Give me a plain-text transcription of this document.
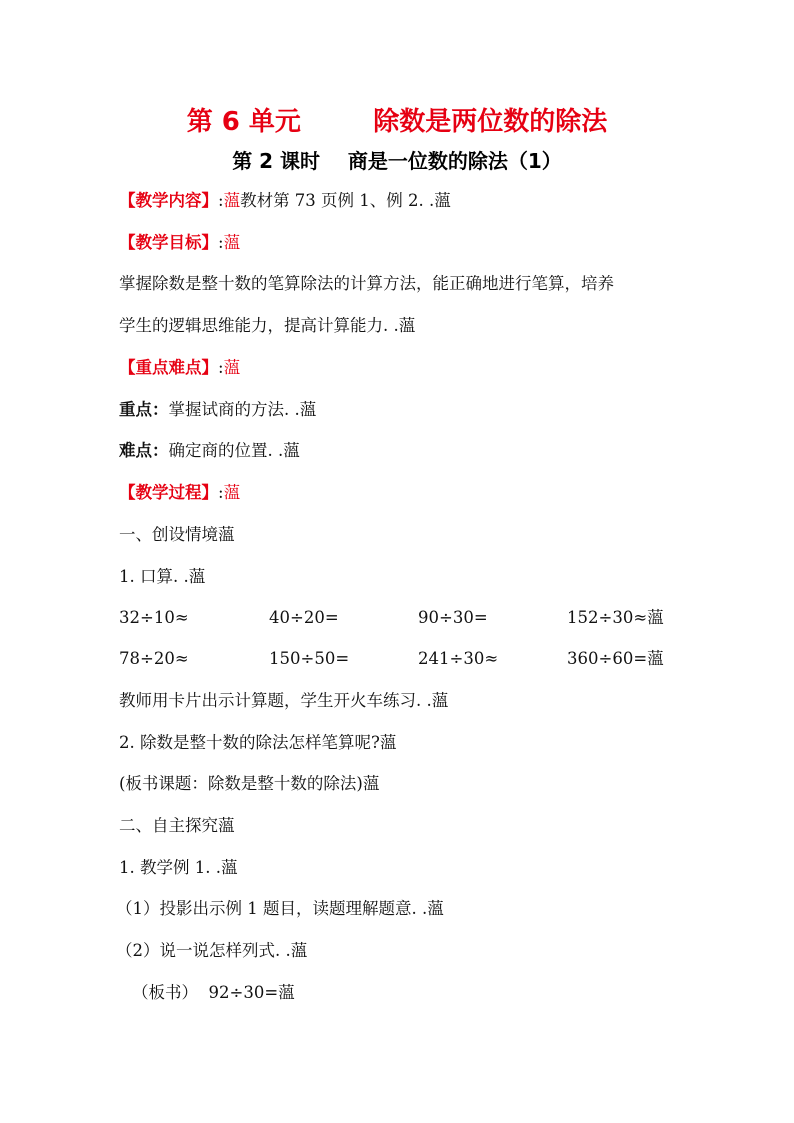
第 6 单元        除数是两位数的除法
第 2 课时    商是一位数的除法（1）
【教学内容】:薀教材第 73 页例 1、例 2. .薀
【教学目标】:薀
掌握除数是整十数的笔算除法的计算方法，能正确地进行笔算，培养
学生的逻辑思维能力，提高计算能力. .薀
【重点难点】:薀
重点：掌握试商的方法. .薀
难点：确定商的位置. .薀
【教学过程】:薀
一、创设情境薀
1. 口算. .薀
32÷10≈	40÷20=	90÷30=	152÷30≈薀
78÷20≈	150÷50=	241÷30≈	360÷60=薀
教师用卡片出示计算题，学生开火车练习. .薀
2. 除数是整十数的除法怎样笔算呢?薀
(板书课题：除数是整十数的除法)薀
二、自主探究薀
1. 教学例 1. .薀
（1）投影出示例 1 题目，读题理解题意. .薀
（2）说一说怎样列式. .薀
（板书） 92÷30=薀
